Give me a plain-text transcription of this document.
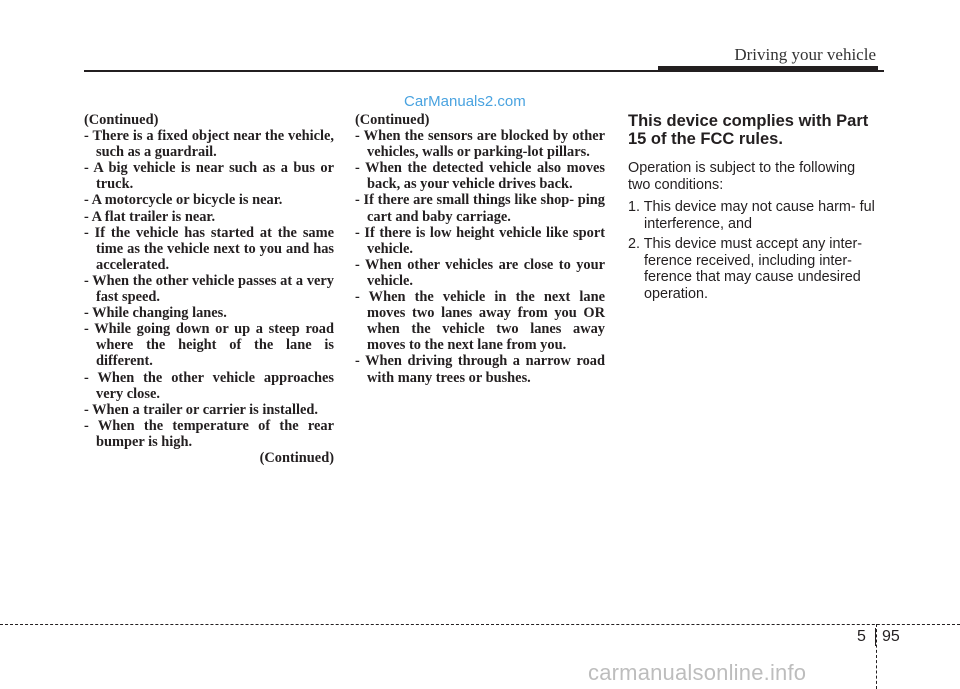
Driving your vehicle
CarManuals2.com
(Continued)
- There is a fixed object near the vehicle, such as a guardrail.
- A big vehicle is near such as a bus or truck.
- A motorcycle or bicycle is near.
- A flat trailer is near.
- If the vehicle has started at the same time as the vehicle next to you and has accelerated.
- When the other vehicle passes at a very fast speed.
- While changing lanes.
- While going down or up a steep road where the height of the lane is different.
- When the other vehicle approaches very close.
- When a trailer or carrier is installed.
- When the temperature of the rear bumper is high.
(Continued)
(Continued)
- When the sensors are blocked by other vehicles, walls or parking-lot pillars.
- When the detected vehicle also moves back, as your vehicle drives back.
- If there are small things like shop- ping cart and baby carriage.
- If there is low height vehicle like sport vehicle.
- When other vehicles are close to your vehicle.
- When the vehicle in the next lane moves two lanes away from you OR when the vehicle two lanes away moves to the next lane from you.
- When driving through a narrow road with many trees or bushes.
This device complies with Part 15 of the FCC rules.

Operation is subject to the following two conditions:

1. This device may not cause harm- ful interference, and
2. This device must accept any inter- ference received, including inter- ference that may cause undesired operation.
5 95
carmanualsonline.info
